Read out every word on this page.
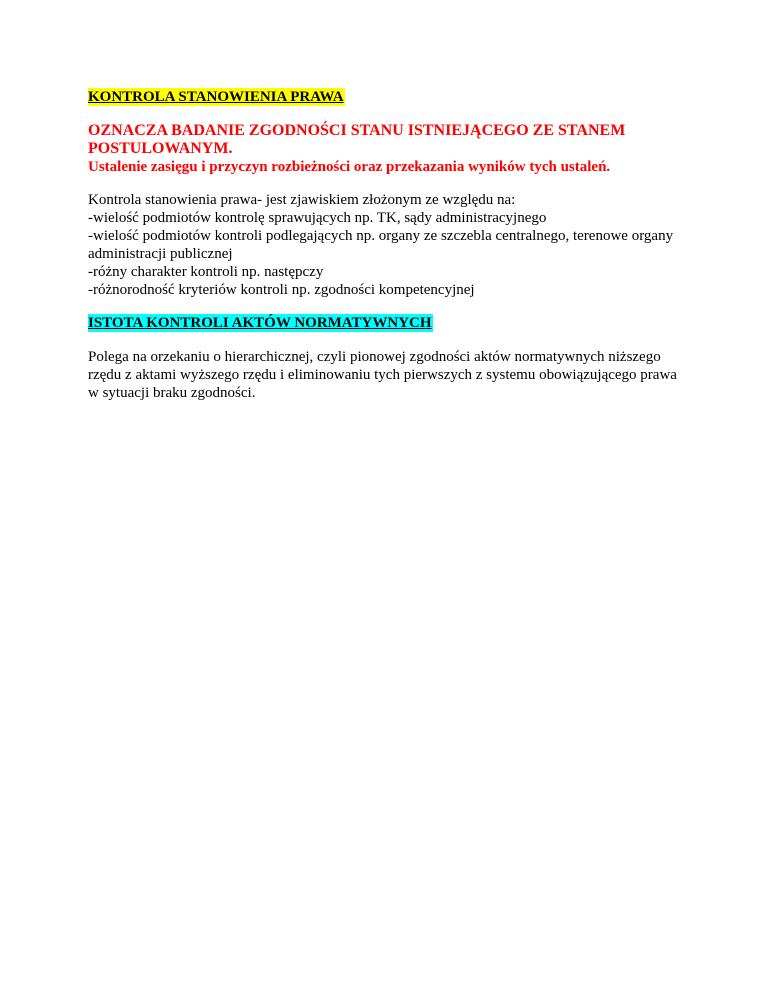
KONTROLA STANOWIENIA PRAWA
OZNACZA BADANIE ZGODNOŚCI STANU ISTNIEJĄCEGO ZE STANEM POSTULOWANYM.
Ustalenie zasięgu i przyczyn rozbieżności oraz przekazania wyników tych ustaleń.

Kontrola stanowienia prawa- jest zjawiskiem złożonym ze względu na:

-wielość podmiotów kontrolę sprawujących np. TK, sądy administracyjnego

-wielość podmiotów kontroli podlegających np. organy ze szczebla centralnego, terenowe organy administracji publicznej

-różny charakter kontroli np. następczy

-różnorodność kryteriów kontroli np. zgodności kompetencyjnej

ISTOTA KONTROLI AKTÓW NORMATYWNYCH

Polega na orzekaniu o hierarchicznej, czyli pionowej zgodności aktów normatywnych niższego rzędu z aktami wyższego rzędu i eliminowaniu tych pierwszych z systemu obowiązującego prawa w sytuacji braku zgodności.
